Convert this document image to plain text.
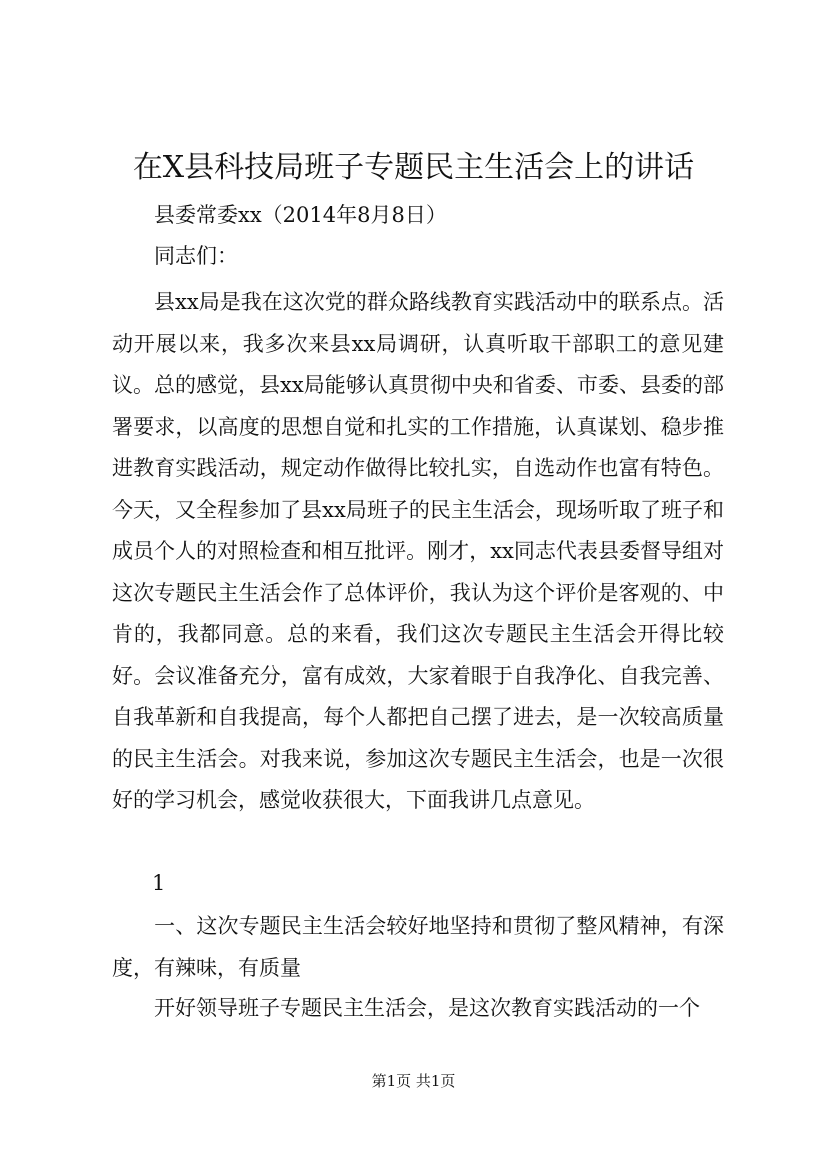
在X县科技局班子专题民主生活会上的讲话
县委常委xx（2014年8月8日）
同志们：
县xx局是我在这次党的群众路线教育实践活动中的联系点。活动开展以来，我多次来县xx局调研，认真听取干部职工的意见建议。总的感觉，县xx局能够认真贯彻中央和省委、市委、县委的部署要求，以高度的思想自觉和扎实的工作措施，认真谋划、稳步推进教育实践活动，规定动作做得比较扎实，自选动作也富有特色。今天，又全程参加了县xx局班子的民主生活会，现场听取了班子和成员个人的对照检查和相互批评。刚才，xx同志代表县委督导组对这次专题民主生活会作了总体评价，我认为这个评价是客观的、中肯的，我都同意。总的来看，我们这次专题民主生活会开得比较好。会议准备充分，富有成效，大家着眼于自我净化、自我完善、自我革新和自我提高，每个人都把自己摆了进去，是一次较高质量的民主生活会。对我来说，参加这次专题民主生活会，也是一次很好的学习机会，感觉收获很大，下面我讲几点意见。
1
一、这次专题民主生活会较好地坚持和贯彻了整风精神，有深度，有辣味，有质量
开好领导班子专题民主生活会，是这次教育实践活动的一个
第1页 共1页
